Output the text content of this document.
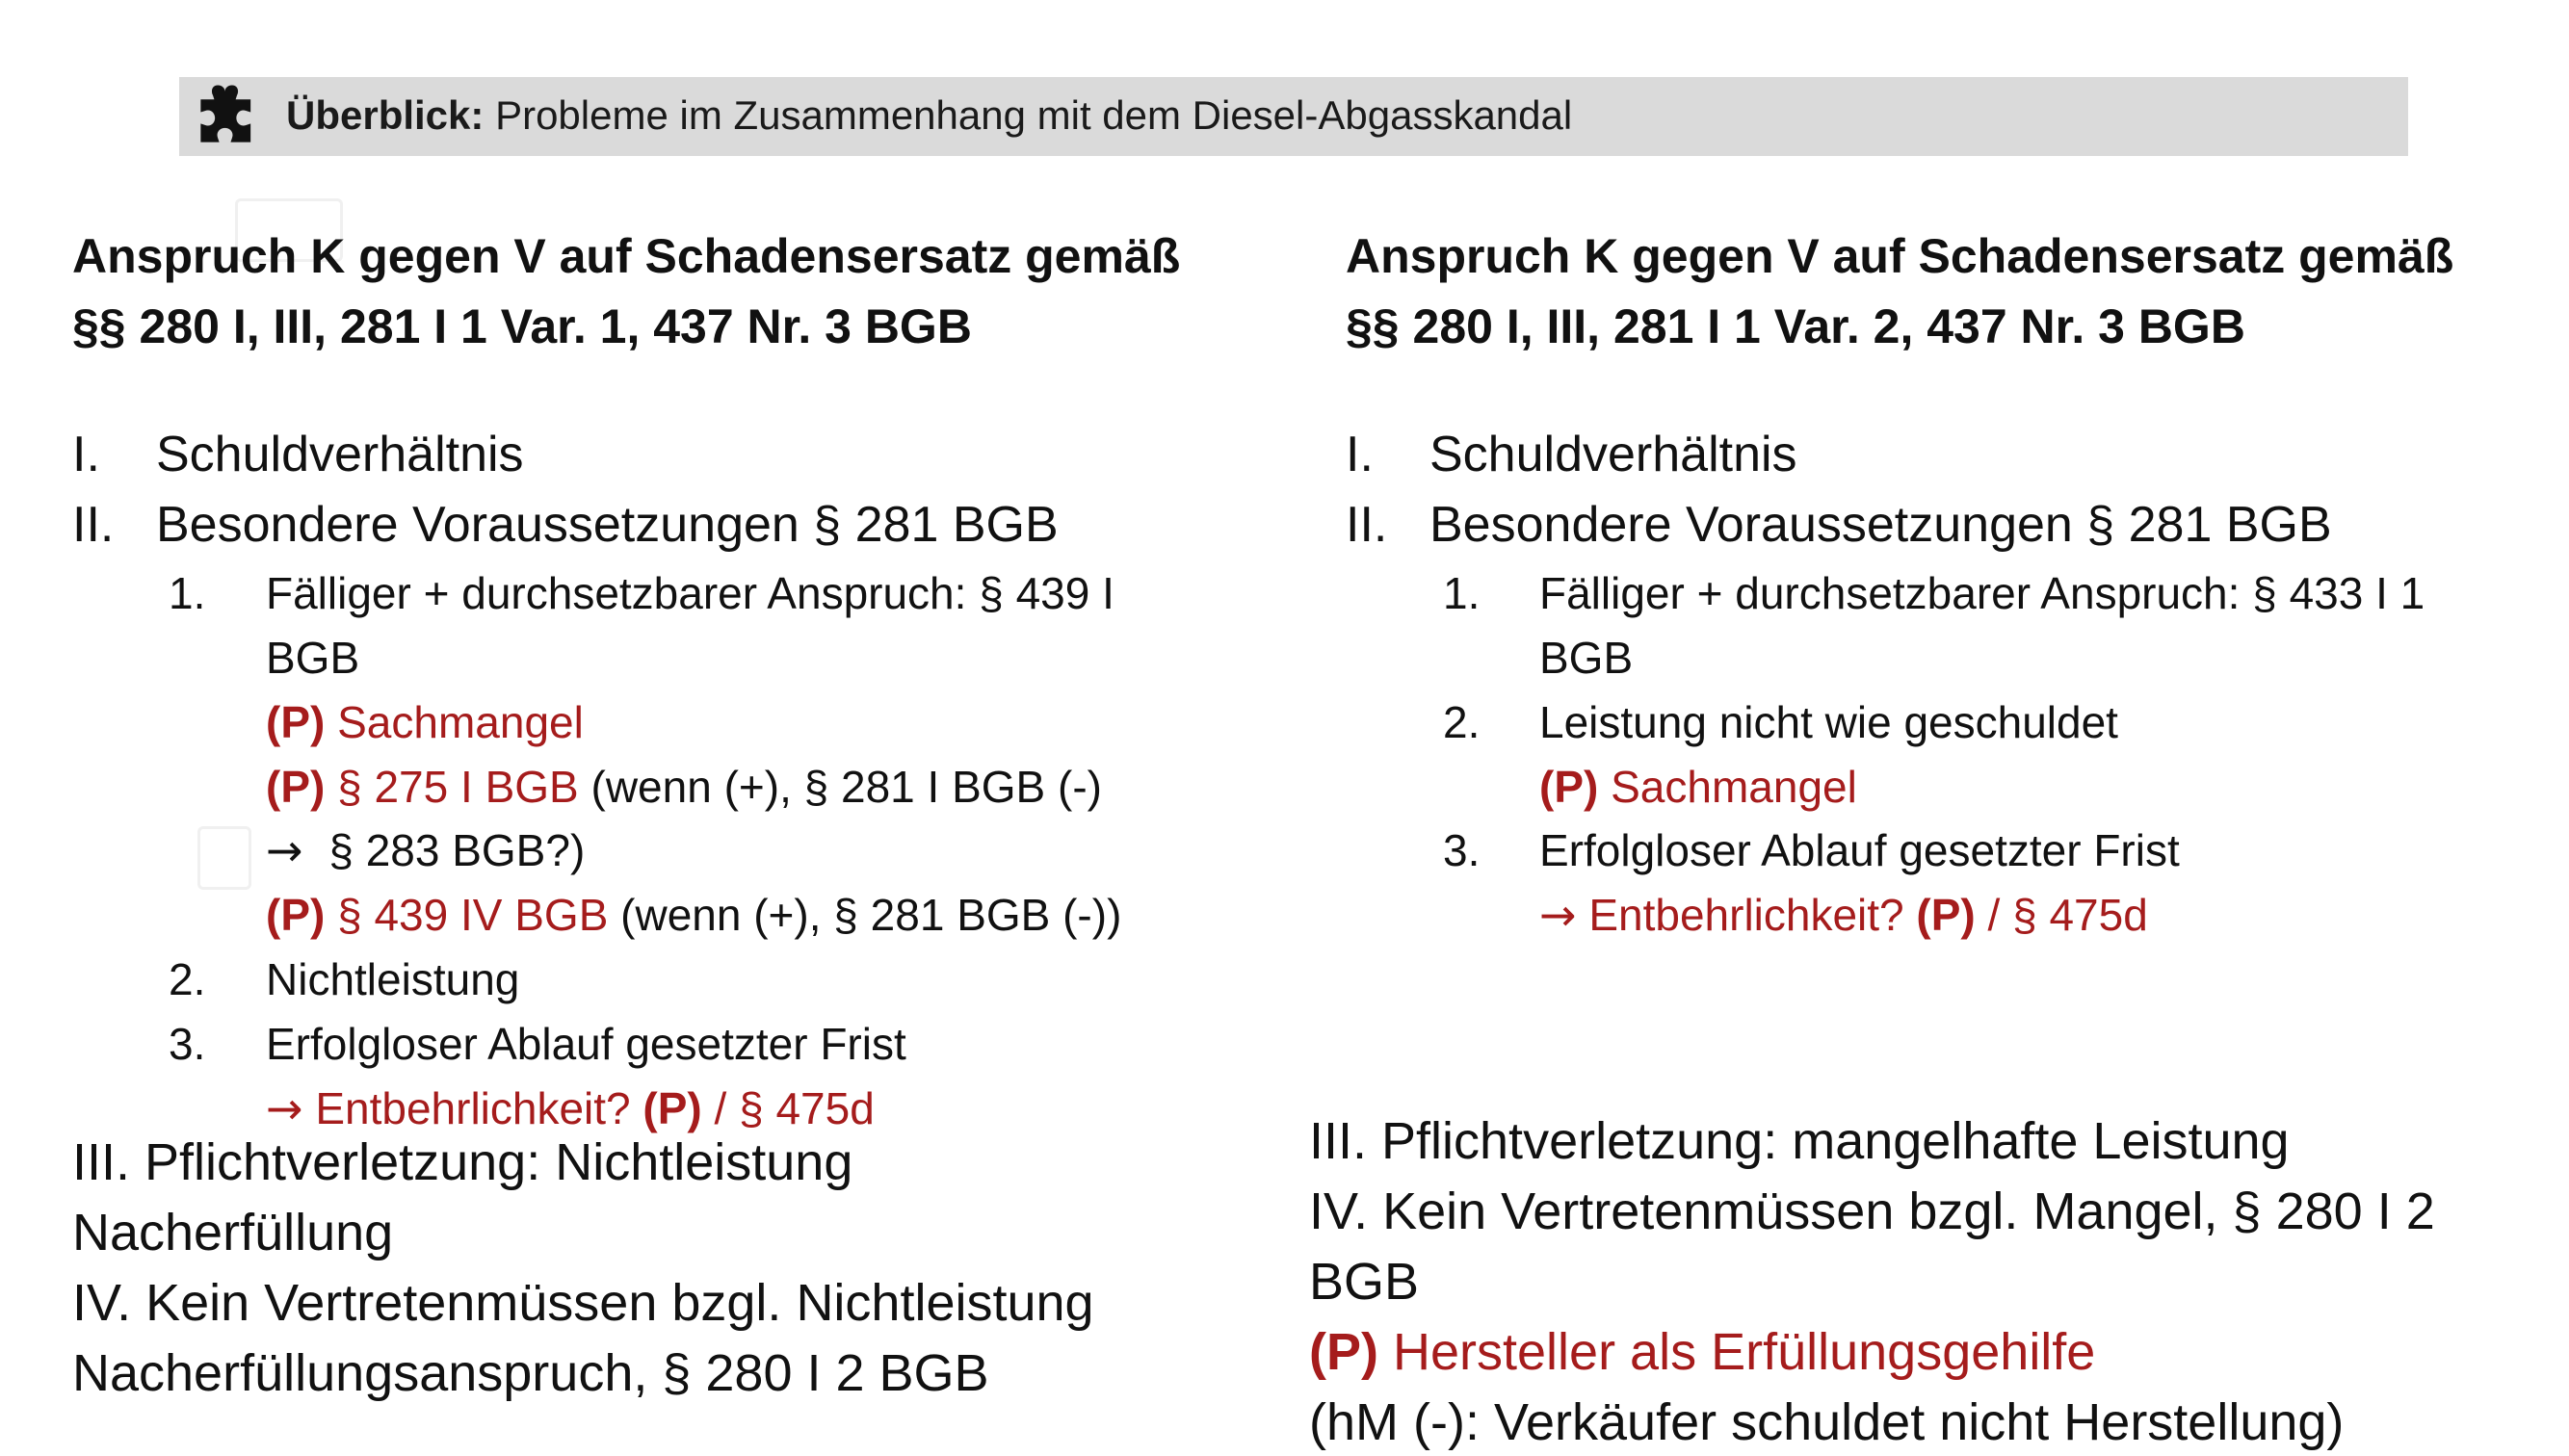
Überblick: Probleme im Zusammenhang mit dem Diesel-Abgasskandal
Anspruch K gegen V auf Schadensersatz gemäß
§§ 280 I, III, 281 I 1 Var. 1, 437 Nr. 3 BGB
I. Schuldverhältnis
II. Besondere Voraussetzungen § 281 BGB
1. Fälliger + durchsetzbarer Anspruch: § 439 I
BGB
(P) Sachmangel
(P) § 275 I BGB (wenn (+), § 281 I BGB (-)
→ § 283 BGB?)
(P) § 439 IV BGB (wenn (+), § 281 BGB (-))
2. Nichtleistung
3. Erfolgloser Ablauf gesetzter Frist
→ Entbehrlichkeit? (P) / § 475d
III. Pflichtverletzung: Nichtleistung
Nacherfüllung
IV. Kein Vertretenmüssen bzgl. Nichtleistung
Nacherfüllungsanspruch, § 280 I 2 BGB
Anspruch K gegen V auf Schadensersatz gemäß
§§ 280 I, III, 281 I 1 Var. 2, 437 Nr. 3 BGB
I. Schuldverhältnis
II. Besondere Voraussetzungen § 281 BGB
1. Fälliger + durchsetzbarer Anspruch: § 433 I 1
BGB
2. Leistung nicht wie geschuldet
(P) Sachmangel
3. Erfolgloser Ablauf gesetzter Frist
→ Entbehrlichkeit? (P) / § 475d
III. Pflichtverletzung: mangelhafte Leistung
IV. Kein Vertretenmüssen bzgl. Mangel, § 280 I 2
BGB
(P) Hersteller als Erfüllungsgehilfe
(hM (-): Verkäufer schuldet nicht Herstellung)
